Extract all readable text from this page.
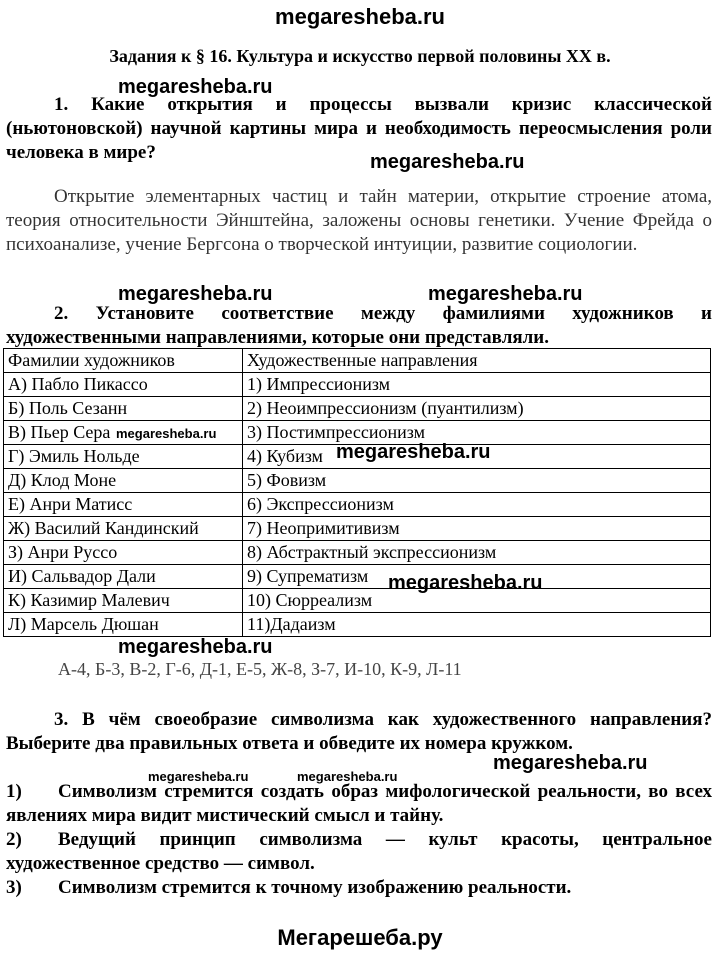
megaresheba.ru
Задания к § 16. Культура и искусство первой половины XX в.
megaresheba.ru
1. Какие открытия и процессы вызвали кризис классической (ньютоновской) научной картины мира и необходимость переосмысления роли человека в мире?	megaresheba.ru
Открытие элементарных частиц и тайн материи, открытие строение атома, теория относительности Эйнштейна, заложены основы генетики. Учение Фрейда о психоанализе, учение Бергсона о творческой интуиции, развитие социологии.
megaresheba.ru	megaresheba.ru
2. Установите соответствие между фамилиями художников и художественными направлениями, которые они представляли.
Фамилии художников	Художественные направления
А) Пабло Пикассо	1) Импрессионизм
Б) Поль Сезанн	2) Неоимпрессионизм (пуантилизм)
В) Пьер Сера	3) Постимпрессионизм
Г) Эмиль Нольде	4) Кубизм
Д) Клод Моне	5) Фовизм
Е) Анри Матисс	6) Экспрессионизм
Ж) Василий Кандинский	7) Неопримитивизм
З) Анри Руссо	8) Абстрактный экспрессионизм
И) Сальвадор Дали	9) Супрематизм
К) Казимир Малевич	10) Сюрреализм
Л) Марсель Дюшан	11)Дадаизм
megaresheba.ru
megaresheba.ru
megaresheba.ru
megaresheba.ru
А-4, Б-3, В-2, Г-6, Д-1, Е-5, Ж-8, З-7, И-10, К-9, Л-11
3. В чём своеобразие символизма как художественного направления? Выберите два правильных ответа и обведите их номера кружком.
megaresheba.ru
megaresheba.ru	megaresheba.ru
1) Символизм стремится создать образ мифологической реальности, во всех явлениях мира видит мистический смысл и тайну.
2) Ведущий принцип символизма — культ красоты, центральное художественное средство — символ.
3) Символизм стремится к точному изображению реальности.
Мегарешеба.ру
